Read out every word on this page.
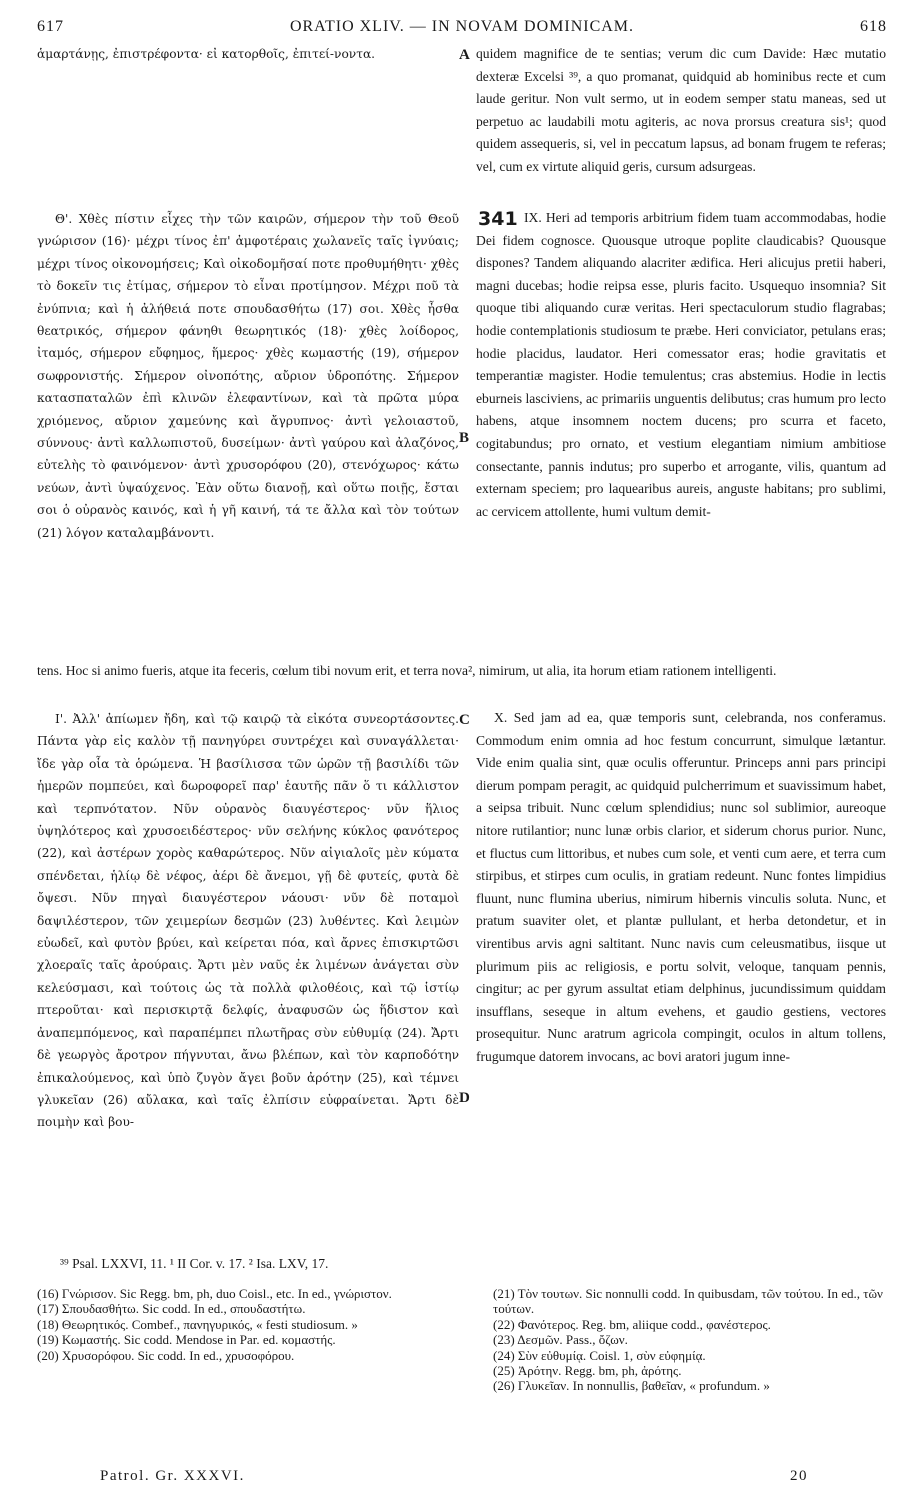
617	ORATIO XLIV. — IN NOVAM DOMINICAM.	618
ἁμαρτάνῃς, ἐπιστρέφοντα· εἰ κατορθοῖς, ἐπιτεί-νοντα.	A quidem magnifice de te sentias; verum dic cum Davide: Hæc mutatio dexteræ Excelsi ³⁹, a quo promanat, quidquid ab hominibus recte et cum laude geritur. Non vult sermo, ut in eodem semper statu maneas, sed ut perpetuo ac laudabili motu agiteris, ac nova prorsus creatura sis¹; quod quidem assequeris, si, vel in peccatum lapsus, ad bonam frugem te referas; vel, cum ex virtute aliquid geris, cursum adsurgeas.
Θ'. Χθὲς πίστιν εἶχες τὴν τῶν καιρῶν, σήμερον τὴν τοῦ Θεοῦ γνώρισον (16)· μέχρι τίνος ἐπ' ἀμφοτέραις χωλανεῖς ταῖς ἰγνύαις; μέχρι τίνος οἰκονομήσεις; Καὶ οἰκοδομῆσαί ποτε προθυμήθητι· χθὲς τὸ δοκεῖν τις ἐτίμας, σήμερον τὸ εἶναι προτίμησον. Μέχρι ποῦ τὰ ἐνύπνια; καὶ ἡ ἀλήθειά ποτε σπουδασθήτω (17) σοι. Χθὲς ἦσθα θεατρικός, σήμερον φάνηθι θεωρητικός (18)· χθὲς λοίδορος, ἰταμός, σήμερον εὔφημος, ἥμερος· χθὲς κωμαστής (19), σήμερον σωφρονιστής. Σήμερον οἰνοπότης, αὔριον ὑδροπότης. Σήμερον κατασπαταλῶν ἐπὶ κλινῶν ἐλεφαντίνων, καὶ τὰ πρῶτα μύρα χριόμενος, αὔριον χαμεύνης καὶ ἄγρυπνος· ἀντὶ γελοιαστοῦ, σύννους· ἀντὶ καλλωπιστοῦ, δυσείμων· ἀντὶ γαύρου καὶ ἀλαζόνος, εὐτελὴς τὸ φαινόμενον· ἀντὶ χρυσορόφου (20), στενόχωρος· κάτω νεύων, ἀντὶ ὑψαύχενος. Ἐὰν οὕτω διανοῇ, καὶ οὕτω ποιῇς, ἔσται σοι ὁ οὐρανὸς καινός, καὶ ἡ γῆ καινή, τά τε ἄλλα καὶ τὸν τούτων (21) λόγον καταλαμβάνοντι.
341 IX. Heri ad temporis arbitrium fidem tuam accommodabas, hodie Dei fidem cognosce. Quousque utroque poplite claudicabis? Quousque dispones? Tandem aliquando alacriter ædifica. Heri alicujus pretii haberi, magni ducebas; hodie reipsa esse, pluris facito. Usquequo insomnia? Sit quoque tibi aliquando curæ veritas. Heri spectaculorum studio flagrabas; hodie contemplationis studiosum te præbe. Heri conviciator, petulans eras; hodie placidus, laudator. Heri comessator eras; hodie gravitatis et temperantiæ magister. Hodie temulentus; cras abstemius. Hodie in lectis eburneis lasciviens, ac primariis unguentis delibutus; cras humum pro lecto habens, atque insomnem noctem ducens; pro scurra et faceto, cogitabundus; pro ornato, et vestium elegantiam nimium ambitiose consectante, pannis indutus; pro superbo et arrogante, vilis, quantum ad externam speciem; pro laquearibus aureis, anguste habitans; pro sublimi, ac cervicem attollente, humi vultum demit-
B
tens. Hoc si animo fueris, atque ita feceris, cœlum tibi novum erit, et terra nova², nimirum, ut alia, ita horum etiam rationem intelligenti.
Ι'. Ἀλλ' ἀπίωμεν ἤδη, καὶ τῷ καιρῷ τὰ εἰκότα συνεορτάσοντες. Πάντα γὰρ εἰς καλὸν τῇ πανηγύρει συντρέχει καὶ συναγάλλεται· ἴδε γὰρ οἷα τὰ ὁρώμενα. Ἡ βασίλισσα τῶν ὡρῶν τῇ βασιλίδι τῶν ἡμερῶν πομπεύει, καὶ δωροφορεῖ παρ' ἑαυτῆς πᾶν ὅ τι κάλλιστον καὶ τερπνότατον. Νῦν οὐρανὸς διαυγέστερος· νῦν ἥλιος ὑψηλότερος καὶ χρυσοειδέστερος· νῦν σελήνης κύκλος φανότερος (22), καὶ ἀστέρων χορὸς καθαρώτερος. Νῦν αἰγιαλοῖς μὲν κύματα σπένδεται, ἡλίῳ δὲ νέφος, ἀέρι δὲ ἄνεμοι, γῇ δὲ φυτείς, φυτὰ δὲ ὄψεσι. Νῦν πηγαὶ διαυγέστερον νάουσι· νῦν δὲ ποταμοὶ δαψιλέστερον, τῶν χειμερίων δεσμῶν (23) λυθέντες. Καὶ λειμὼν εὐωδεῖ, καὶ φυτὸν βρύει, καὶ κείρεται πόα, καὶ ἄρνες ἐπισκιρτῶσι χλοεραῖς ταῖς ἀρούραις. Ἄρτι μὲν ναῦς ἐκ λιμένων ἀνάγεται σὺν κελεύσμασι, καὶ τούτοις ὡς τὰ πολλὰ φιλοθέοις, καὶ τῷ ἱστίῳ πτεροῦται· καὶ περισκιρτᾷ δελφίς, ἀναφυσῶν ὡς ἥδιστον καὶ ἀναπεμπόμενος, καὶ παραπέμπει πλωτῆρας σὺν εὐθυμίᾳ (24). Ἄρτι δὲ γεωργὸς ἄροτρον πήγνυται, ἄνω βλέπων, καὶ τὸν καρποδότην ἐπικαλούμενος, καὶ ὑπὸ ζυγὸν ἄγει βοῦν ἀρότην (25), καὶ τέμνει γλυκεῖαν (26) αὔλακα, καὶ ταῖς ἐλπίσιν εὐφραίνεται. Ἄρτι δὲ ποιμὴν καὶ βου-
C
D
X. Sed jam ad ea, quæ temporis sunt, celebranda, nos conferamus. Commodum enim omnia ad hoc festum concurrunt, simulque lætantur. Vide enim qualia sint, quæ oculis offeruntur. Princeps anni pars principi dierum pompam peragit, ac quidquid pulcherrimum et suavissimum habet, a seipsa tribuit. Nunc cœlum splendidius; nunc sol sublimior, aureoque nitore rutilantior; nunc lunæ orbis clarior, et siderum chorus purior. Nunc, et fluctus cum littoribus, et nubes cum sole, et venti cum aere, et terra cum stirpibus, et stirpes cum oculis, in gratiam redeunt. Nunc fontes limpidius fluunt, nunc flumina uberius, nimirum hibernis vinculis soluta. Nunc, et pratum suaviter olet, et plantæ pullulant, et herba detondetur, et in virentibus arvis agni saltitant. Nunc navis cum celeusmatibus, iisque ut plurimum piis ac religiosis, e portu solvit, veloque, tanquam pennis, cingitur; ac per gyrum assultat etiam delphinus, jucundissimum quiddam insufflans, seseque in altum evehens, et gaudio gestiens, vectores prosequitur. Nunc aratrum agricola compingit, oculos in altum tollens, frugumque datorem invocans, ac bovi aratori jugum inne-
³⁹ Psal. LXXVI, 11. ¹ II Cor. v. 17. ² Isa. LXV, 17.

(16) Γνώρισον. Sic Regg. bm, ph, duo Coisl., etc. In ed., γνώριστον.

(17) Σπουδασθήτω. Sic codd. In ed., σπουδαστήτω.

(18) Θεωρητικός. Combef., πανηγυρικός, « festi studiosum. »

(19) Κωμαστής. Sic codd. Mendose in Par. ed. κομαστής.

(20) Χρυσορόφου. Sic codd. In ed., χρυσοφόρου.

(21) Τὸν τουτων. Sic nonnulli codd. In quibusdam, τῶν τούτου. In ed., τῶν τούτων.

(22) Φανότερος. Reg. bm, aliique codd., φανέστερος.

(23) Δεσμῶν. Pass., ὄζων.

(24) Σὺν εὐθυμίᾳ. Coisl. 1, σὺν εὐφημίᾳ.

(25) Ἀρότην. Regg. bm, ph, ἀρότης.

(26) Γλυκεῖαν. In nonnullis, βαθεῖαν, « profundum. »

Patrol. Gr. XXXVI.	20
